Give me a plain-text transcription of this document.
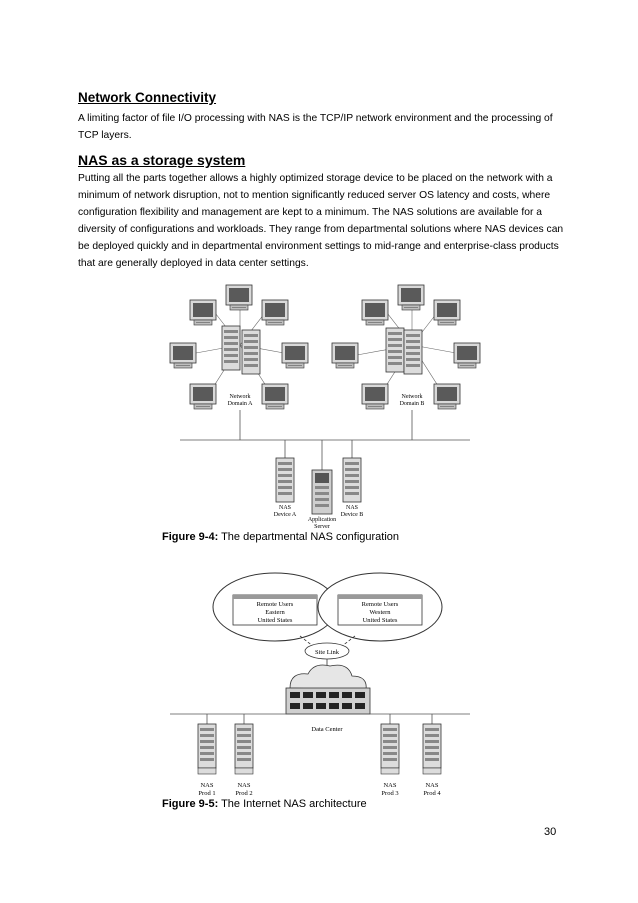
Network Connectivity
A limiting factor of file I/O processing with NAS is the TCP/IP network environment and the processing of TCP layers.
NAS as a storage system
Putting all the parts together allows a highly optimized storage device to be placed on the network with a minimum of network disruption, not to mention significantly reduced server OS latency and costs, where configuration flexibility and management are kept to a minimum. The NAS solutions are available for a diversity of configurations and workloads. They range from departmental solutions where NAS devices can be deployed quickly and in departmental environment settings to mid-range and enterprise-class products that are generally deployed in data center settings.
Network
Domain A
Network
Domain B
NAS
Device A
Application
Server
NAS
Device B
Remote Users
Eastern
United States
Remote Users
Western
United States
Site Link
Data Center
NAS
Prod 1
NAS
Prod 2
NAS
Prod 3
NAS
Prod 4
Figure 9-4: The departmental NAS configuration
Figure 9-5: The Internet NAS architecture
30
